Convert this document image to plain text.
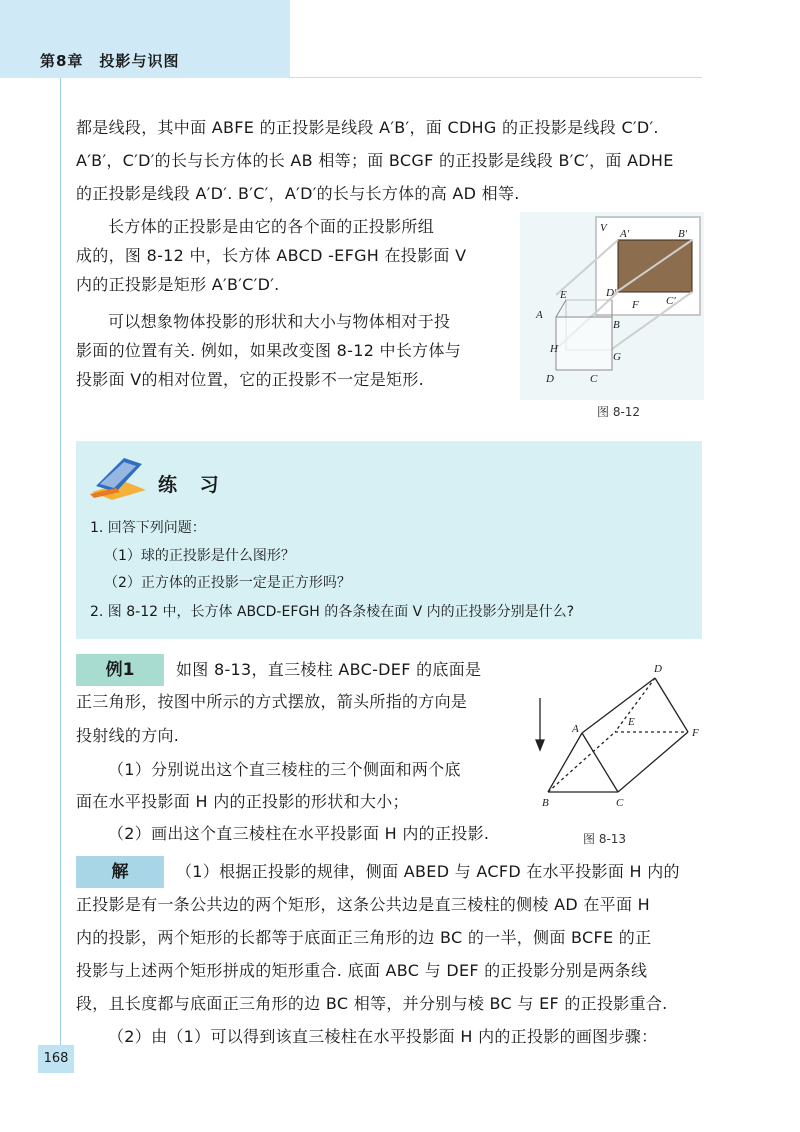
第8章　投影与识图
都是线段，其中面 ABFE 的正投影是线段 A′B′，面 CDHG 的正投影是线段 C′D′.
A′B′，C′D′的长与长方体的长 AB 相等；面 BCGF 的正投影是线段 B′C′，面 ADHE
的正投影是线段 A′D′. B′C′，A′D′的长与长方体的高 AD 相等.
长方体的正投影是由它的各个面的正投影所组
成的，图 8-12 中，长方体 ABCD -EFGH 在投影面 V
内的正投影是矩形 A′B′C′D′.
可以想象物体投影的形状和大小与物体相对于投
影面的位置有关. 例如，如果改变图 8-12 中长方体与
投影面 V的相对位置，它的正投影不一定是矩形.
V A′	B′
D′
C′
F
E
A
B
H
G
D	C
图 8-12
练 习
1. 回答下列问题：
（1）球的正投影是什么图形？
（2）正方体的正投影一定是正方形吗？
2. 图 8-12 中，长方体 ABCD-EFGH 的各条棱在面 V 内的正投影分别是什么?
例1	如图 8-13，直三棱柱 ABC-DEF 的底面是
正三角形，按图中所示的方式摆放，箭头所指的方向是
投射线的方向.
（1）分别说出这个直三棱柱的三个侧面和两个底
面在水平投影面 H 内的正投影的形状和大小；
（2）画出这个直三棱柱在水平投影面 H 内的正投影.
D
A
E
F
B	C
图 8-13
解	（1）根据正投影的规律，侧面 ABED 与 ACFD 在水平投影面 H 内的
正投影是有一条公共边的两个矩形，这条公共边是直三棱柱的侧棱 AD 在平面 H
内的投影，两个矩形的长都等于底面正三角形的边 BC 的一半，侧面 BCFE 的正
投影与上述两个矩形拼成的矩形重合. 底面 ABC 与 DEF 的正投影分别是两条线
段，且长度都与底面正三角形的边 BC 相等，并分别与棱 BC 与 EF 的正投影重合.
（2）由（1）可以得到该直三棱柱在水平投影面 H 内的正投影的画图步骤：
168
